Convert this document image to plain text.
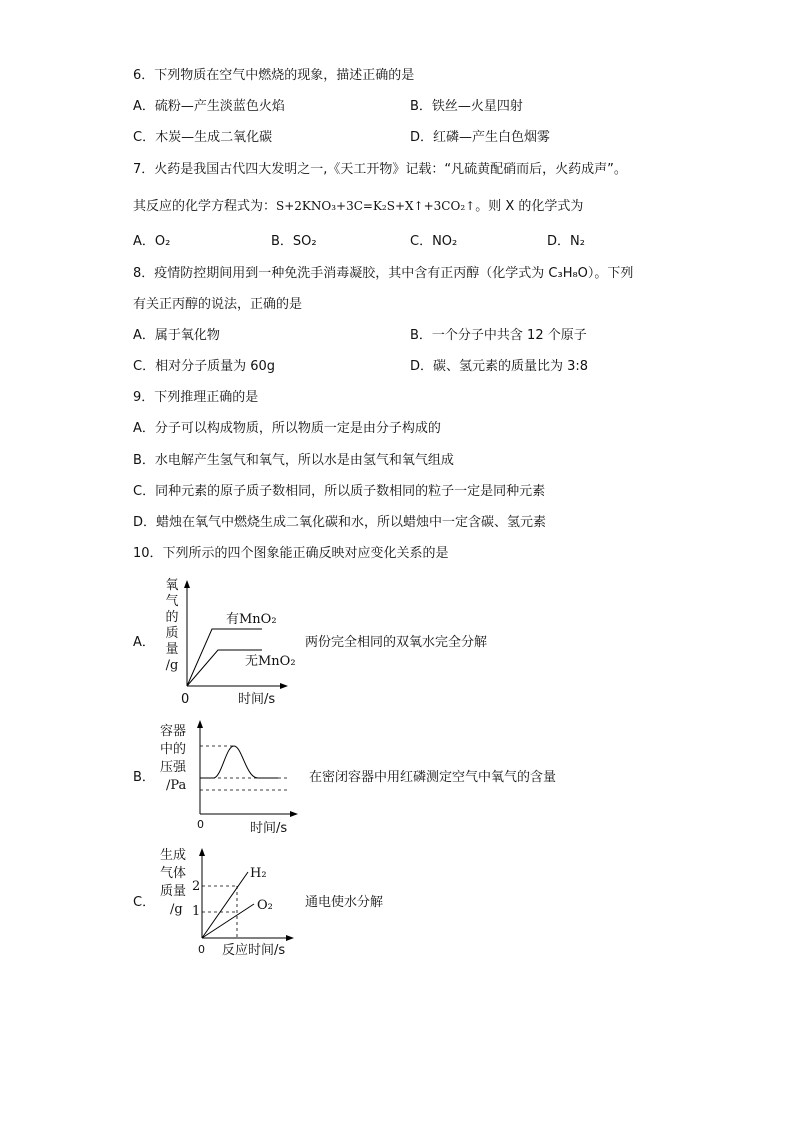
6．下列物质在空气中燃烧的现象，描述正确的是
A．硫粉—产生淡蓝色火焰	B．铁丝—火星四射
C．木炭—生成二氧化碳	D．红磷—产生白色烟雾
7．火药是我国古代四大发明之一,《天工开物》记载：“凡硫黄配硝而后，火药成声”。
其反应的化学方程式为：S+2KNO₃+3C=K₂S+X↑+3CO₂↑。则 X 的化学式为
A．O₂	B．SO₂	C．NO₂	D．N₂
8．疫情防控期间用到一种免洗手消毒凝胶，其中含有正丙醇（化学式为 C₃H₈O）。下列
有关正丙醇的说法，正确的是
A．属于氧化物	B．一个分子中共含 12 个原子
C．相对分子质量为 60g	D．碳、氢元素的质量比为 3:8
9．下列推理正确的是
A．分子可以构成物质，所以物质一定是由分子构成的
B．水电解产生氢气和氧气，所以水是由氢气和氧气组成
C．同种元素的原子质子数相同，所以质子数相同的粒子一定是同种元素
D．蜡烛在氧气中燃烧生成二氧化碳和水，所以蜡烛中一定含碳、氢元素
10．下列所示的四个图象能正确反映对应变化关系的是
A．
氧
气
的
质
量
/g
有MnO₂
无MnO₂
0	时间/s
两份完全相同的双氧水完全分解
B．
容器
中的
压强
/Pa
0	时间/s
在密闭容器中用红磷测定空气中氧气的含量
C．
生成
气体
质量
/g
2
1
H₂
O₂
0 反应时间/s
通电使水分解
